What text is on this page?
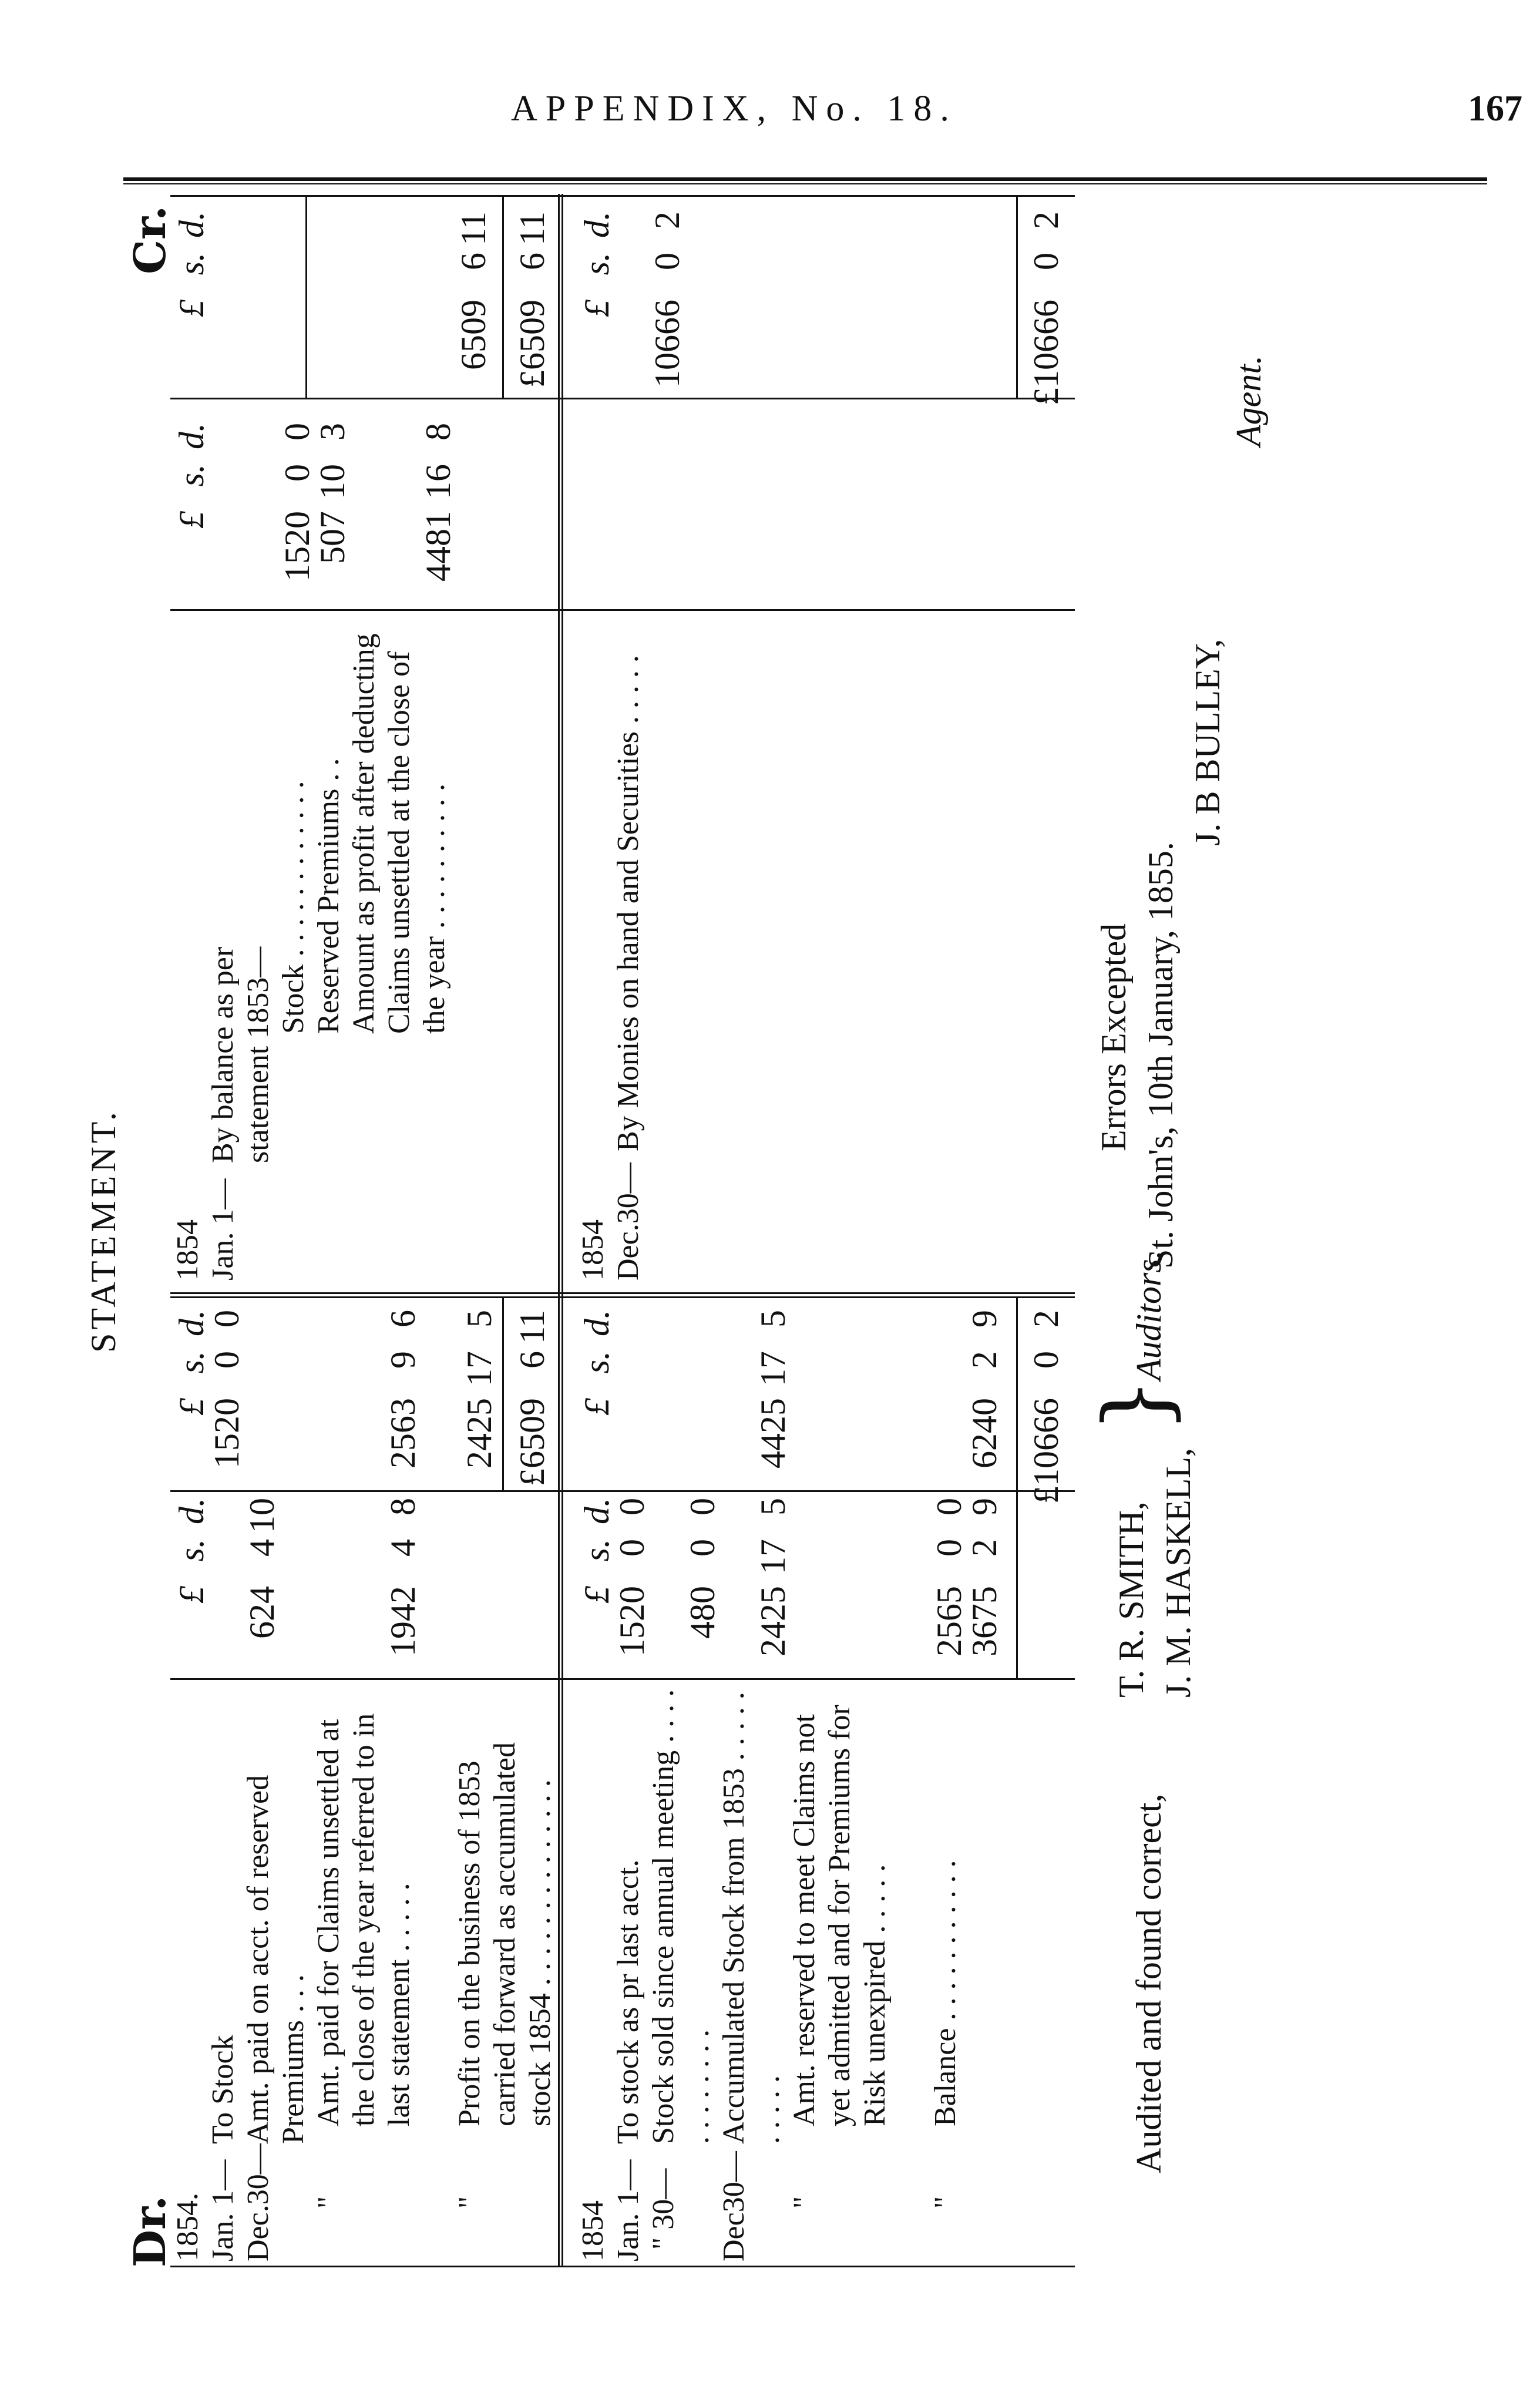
APPENDIX, No. 18.	167
STATEMENT.
Dr.
Cr.
£
s.
d.
£
s.
d.
£
s.
d.
£
s.
d.
1854. Jan. 1—
To Stock
Dec.30—
Amt. paid on acct. of reserved Premiums . . .
"
Amt. paid for Claims unsettled at the close of the year referred to in last statement . . . . .
"
Profit on the business of 1853 carried forward as accumulated stock 1854 . . . . . . . . . . . . . .
624
4
10
1942
4
8
1520
0
0
2563
9
6
2425
17
5
£6509
6
11
1854 Jan. 1—
By balance as per statement 1853—
Stock . . . . . . . . . . . . Reserved Premiums . . Amount as profit after deducting Claims unsettled at the close of the year . . . . . . . . . .
1520
0
0
507
10
3
4481
16
8
6509
6
11
£6509
6
11
£
s.
d.
£
s.
d.
£
s.
d.
1854 Jan. 1—
To stock as pr last acct.
" 30—
Stock sold since annual meeting . . . . . . . . . . . .
Dec30—
Accumulated Stock from 1853 . . . . . . . . . .
"
Amt. reserved to meet Claims not yet admitted and for Premiums for Risk unexpired . . . . .
"
Balance . . . . . . . . . . .
1520
0
0
480
0
0
2425
17
5
4425
17
5
2565
0
0
3675
2
9
6240
2
9
£10666
0
2
1854 Dec.30—
By Monies on hand and Securities . . . . .
10666
0
2
£10666
0
2
Audited and found correct,
T. R. SMITH, J. M. HASKELL,
}
Auditors.
Errors Excepted St. John's, 10th January, 1855.
J. B BULLEY,
Agent.
